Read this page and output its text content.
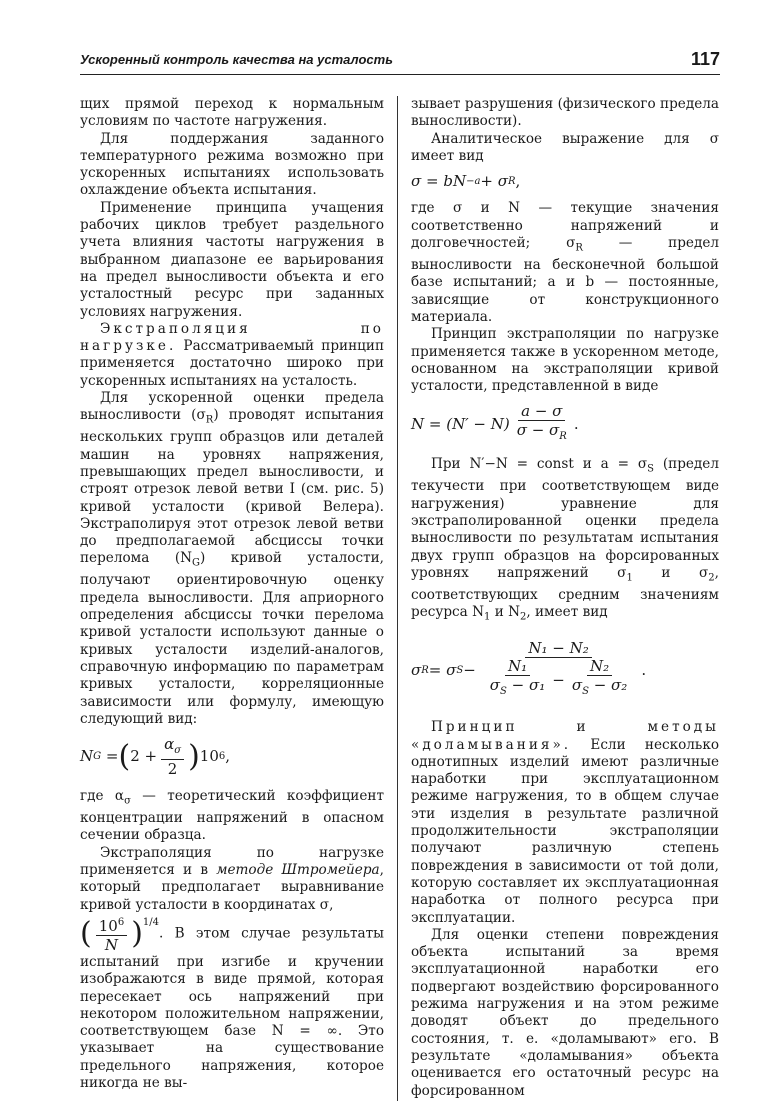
Ускоренный контроль качества на усталость	117

щих прямой переход к нормальным условиям по частоте нагружения.

Для поддержания заданного температурного режима возможно при ускоренных испытаниях использовать охлаждение объекта испытания.

Применение принципа учащения рабочих циклов требует раздельного учета влияния частоты нагружения в выбранном диапазоне ее варьирования на предел выносливости объекта и его усталостный ресурс при заданных условиях нагружения.

Экстраполяция по нагрузке. Рассматриваемый принцип применяется достаточно широко при ускоренных испытаниях на усталость.

Для ускоренной оценки предела выносливости $(\sigma_R)$ проводят испытания нескольких групп образцов или деталей машин на уровнях напряжения, превышающих предел выносливости, и строят отрезок левой ветви I (см. рис. 5) кривой усталости (кривой Велера). Экстраполируя этот отрезок левой ветви до предполагаемой абсциссы точки перелома $(N_G)$ кривой усталости, получают ориентировочную оценку предела выносливости. Для априорного определения абсциссы точки перелома кривой усталости используют данные о кривых усталости изделий-аналогов, справочную информацию по параметрам кривых усталости, корреляционные зависимости или формулу, имеющую следующий вид:

N G
= ( $2 + \frac{\alpha_\sigma}{2}$ ) 10 6 ,

где $\alpha_\sigma$ — теоретический коэффициент концентрации напряжений в опасном сечении образца.

Экстраполяция по нагрузке применяется и в методе Штромейера, который предполагает выравнивание кривой усталости в координатах σ,

( $\frac{10^6}{N} )^{1/4}$
. В этом случае результаты испытаний при изгибе и кручении изображаются в виде прямой, которая пересекает ось напряжений при некотором положительном напряжении, соответствующем базе N = ∞. Это указывает на существование предельного напряжения, которое никогда не вы-

зывает разрушения (физического предела выносливости).

Аналитическое выражение для σ имеет вид

σ = bN −a + σ R ,

где σ и N — текущие значения соответственно напряжений и долговечностей; $\sigma_R$ — предел выносливости на бесконечной большой базе испытаний; a и b — постоянные, зависящие от конструкционного материала.

Принцип экстраполяции по нагрузке применяется также в ускоренном методе, основанном на экстраполяции кривой усталости, представленной в виде

$N = (N' - N) \frac{a - \sigma}{\sigma - \sigma_R}$ .

При N′−N = const и $a = \sigma_S$ (предел текучести при соответствующем виде нагружения) уравнение для экстраполированной оценки предела выносливости по результатам испытания двух групп образцов на форсированных уровнях напряжений $\sigma_1$ и $\sigma_2$, соответствующих средним значениям ресурса $N_1$ и $N_2$, имеет вид

σ R = σ $S - \frac{\text{N₁ − N₂}}{\frac{\text{N₁}}{\sigma_S - \sigma_1} - \frac{\text{N₂}}{\sigma_S - \sigma_2}}$ .

Принцип и методы «доламывания». Если несколько однотипных изделий имеют различные наработки при эксплуатационном режиме нагружения, то в общем случае эти изделия в результате различной продолжительности экстраполяции получают различную степень повреждения в зависимости от той доли, которую составляет их эксплуатационная наработка от полного ресурса при эксплуатации.

Для оценки степени повреждения объекта испытаний за время эксплуатационной наработки его подвергают воздействию форсированного режима нагружения и на этом режиме доводят объект до предельного состояния, т. е. «доламывают» его. В результате «доламывания» объекта оценивается его остаточный ресурс на форсированном
